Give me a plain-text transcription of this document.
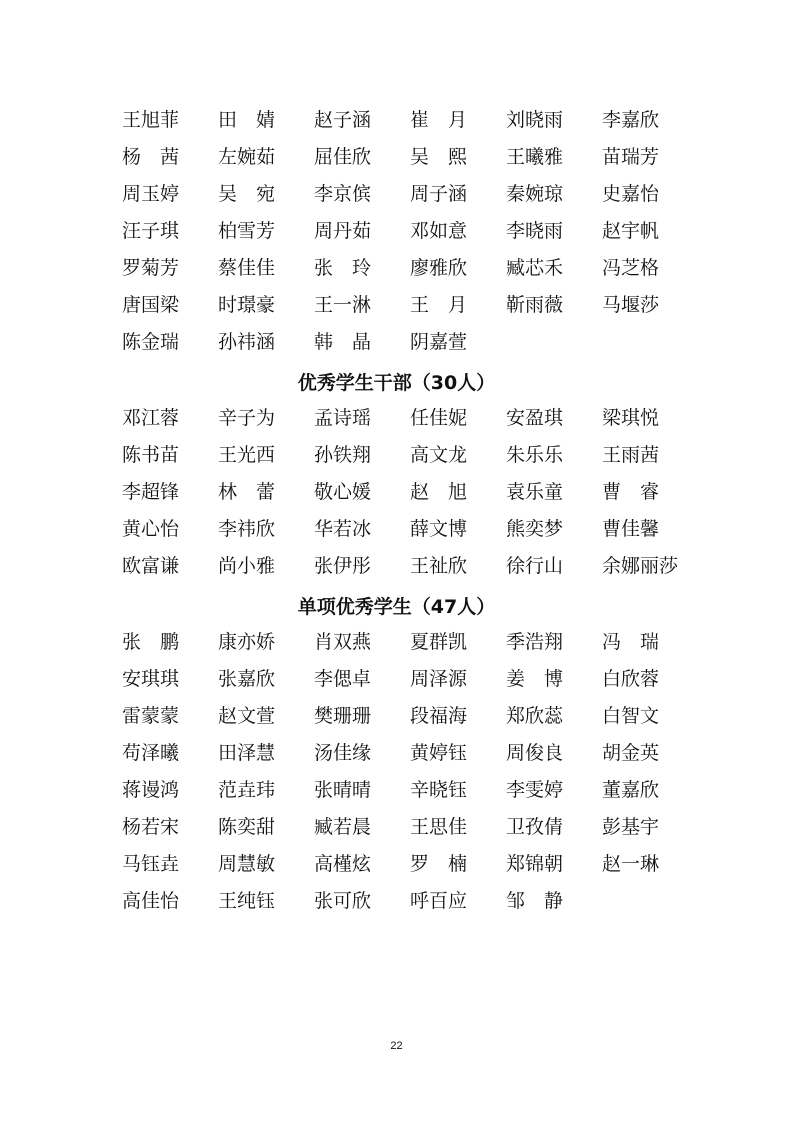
王旭菲	田　婧	赵子涵	崔　月	刘晓雨	李嘉欣
杨　茜	左婉茹	屈佳欣	吴　熙	王曦雅	苗瑞芳
周玉婷	吴　宛	李京傧	周子涵	秦婉琼	史嘉怡
汪子琪	柏雪芳	周丹茹	邓如意	李晓雨	赵宇帆
罗菊芳	蔡佳佳	张　玲	廖雅欣	臧芯禾	冯芝格
唐国梁	时璟豪	王一淋	王　月	靳雨薇	马堰莎
陈金瑞	孙祎涵	韩　晶	阴嘉萱
优秀学生干部（30人）
邓江蓉	辛子为	孟诗瑶	任佳妮	安盈琪	梁琪悦
陈书苗	王光西	孙铁翔	高文龙	朱乐乐	王雨茜
李超锋	林　蕾	敬心媛	赵　旭	袁乐童	曹　睿
黄心怡	李祎欣	华若冰	薛文博	熊奕梦	曹佳馨
欧富谦	尚小雅	张伊彤	王祉欣	徐行山	余娜丽莎
单项优秀学生（47人）
张　鹏	康亦娇	肖双燕	夏群凯	季浩翔	冯　瑞
安琪琪	张嘉欣	李偲卓	周泽源	姜　博	白欣蓉
雷蒙蒙	赵文萱	樊珊珊	段福海	郑欣蕊	白智文
苟泽曦	田泽慧	汤佳缘	黄婷钰	周俊良	胡金英
蒋谩鸿	范垚玮	张晴晴	辛晓钰	李雯婷	董嘉欣
杨若宋	陈奕甜	臧若晨	王思佳	卫孜倩	彭基宇
马钰垚	周慧敏	高槿炫	罗　楠	郑锦朝	赵一琳
高佳怡	王纯钰	张可欣	呼百应	邹　静
22
